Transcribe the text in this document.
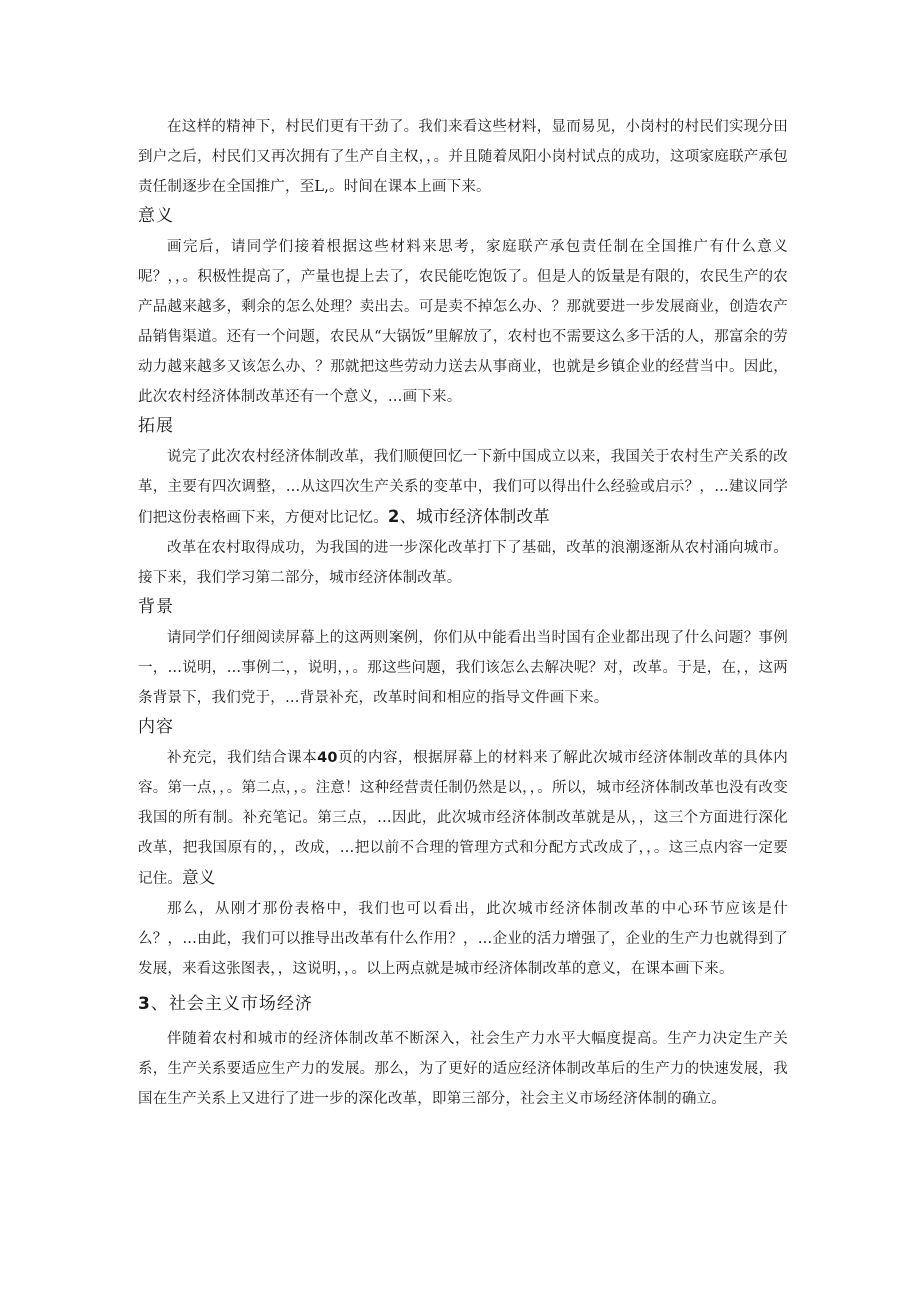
在这样的精神下，村民们更有干劲了。我们来看这些材料，显而易见，小岗村的村民们实现分田到户之后，村民们又再次拥有了生产自主权，，。并且随着凤阳小岗村试点的成功，这项家庭联产承包责任制逐步在全国推广，至L,。时间在课本上画下来。

意义

画完后，请同学们接着根据这些材料来思考，家庭联产承包责任制在全国推广有什么意义呢？，，。积极性提高了，产量也提上去了，农民能吃饱饭了。但是人的饭量是有限的，农民生产的农产品越来越多，剩余的怎么处理？卖出去。可是卖不掉怎么办、？那就要进一步发展商业，创造农产品销售渠道。还有一个问题，农民从“大锅饭”里解放了，农村也不需要这么多干活的人，那富余的劳动力越来越多又该怎么办、？那就把这些劳动力送去从事商业，也就是乡镇企业的经营当中。因此，此次农村经济体制改革还有一个意义，…画下来。

拓展

说完了此次农村经济体制改革，我们顺便回忆一下新中国成立以来，我国关于农村生产关系的改革，主要有四次调整，…从这四次生产关系的变革中，我们可以得出什么经验或启示？，…建议同学们把这份表格画下来，方便对比记忆。2、城市经济体制改革

改革在农村取得成功，为我国的进一步深化改革打下了基础，改革的浪潮逐渐从农村涌向城市。接下来，我们学习第二部分，城市经济体制改革。

背景

请同学们仔细阅读屏幕上的这两则案例，你们从中能看出当时国有企业都出现了什么问题？事例一，…说明，…事例二，，说明，，。那这些问题，我们该怎么去解决呢？对，改革。于是，在，，这两条背景下，我们党于，…背景补充，改革时间和相应的指导文件画下来。

内容

补充完，我们结合课本40页的内容，根据屏幕上的材料来了解此次城市经济体制改革的具体内容。第一点，，。第二点，，。注意！这种经营责任制仍然是以，，。所以，城市经济体制改革也没有改变我国的所有制。补充笔记。第三点，…因此，此次城市经济体制改革就是从，，这三个方面进行深化改革，把我国原有的，，改成，…把以前不合理的管理方式和分配方式改成了，，。这三点内容一定要记住。意义

那么，从刚才那份表格中，我们也可以看出，此次城市经济体制改革的中心环节应该是什么？，…由此，我们可以推导出改革有什么作用？，…企业的活力增强了，企业的生产力也就得到了发展，来看这张图表，，这说明，，。以上两点就是城市经济体制改革的意义，在课本画下来。

3、社会主义市场经济

伴随着农村和城市的经济体制改革不断深入，社会生产力水平大幅度提高。生产力决定生产关系，生产关系要适应生产力的发展。那么，为了更好的适应经济体制改革后的生产力的快速发展，我国在生产关系上又进行了进一步的深化改革，即第三部分，社会主义市场经济体制的确立。
